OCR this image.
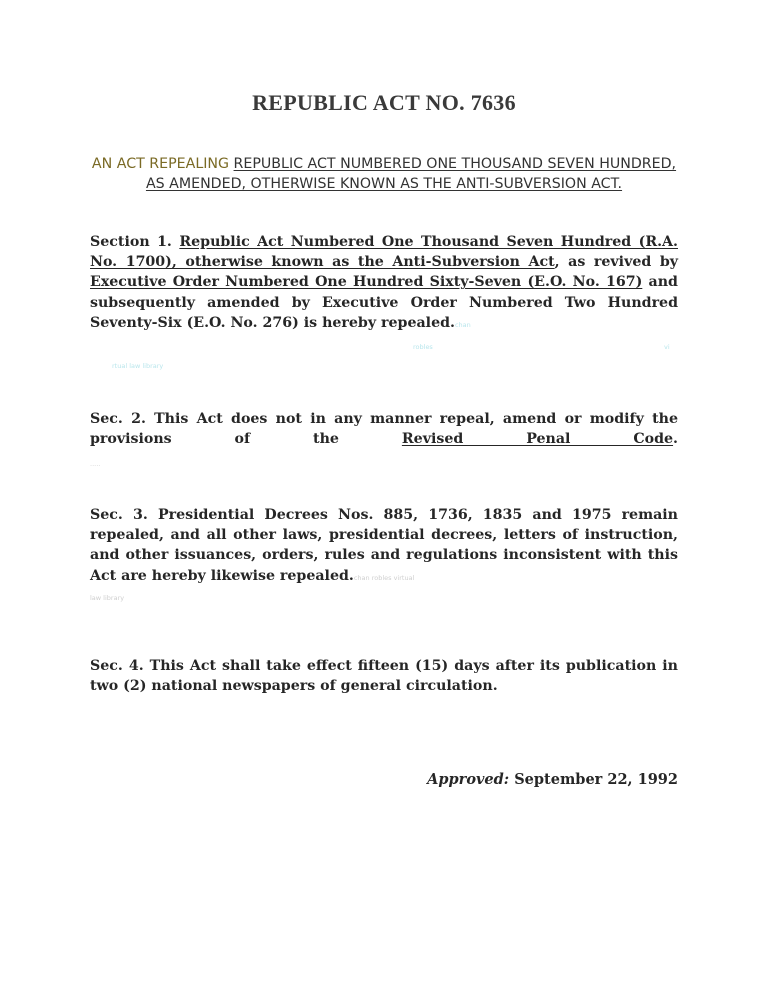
REPUBLIC ACT NO. 7636

AN ACT REPEALING REPUBLIC ACT NUMBERED ONE THOUSAND SEVEN HUNDRED, AS AMENDED, OTHERWISE KNOWN AS THE ANTI-SUBVERSION ACT.

Section 1. Republic Act Numbered One Thousand Seven Hundred (R.A. No. 1700), otherwise known as the Anti-Subversion Act, as revived by Executive Order Numbered One Hundred Sixty-Seven (E.O. No. 167) and subsequently amended by Executive Order Numbered Two Hundred Seventy-Six (E.O. No. 276) is hereby repealed.chan

robles	vi
rtual law library

Sec. 2. This Act does not in any manner repeal, amend or modify the provisions of the	Revised Penal Code.

.....

Sec. 3. Presidential Decrees Nos. 885, 1736, 1835 and 1975 remain repealed, and all other laws, presidential decrees, letters of instruction, and other issuances, orders, rules and regulations inconsistent with this Act are hereby likewise repealed.chan robles virtual

law library

Sec. 4. This Act shall take effect fifteen (15) days after its publication in two (2) national newspapers of general circulation.

Approved: September 22, 1992
